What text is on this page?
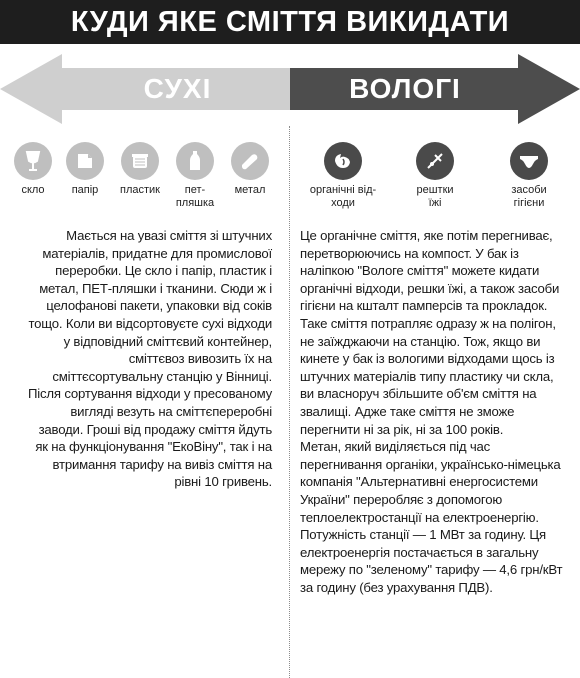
КУДИ ЯКЕ СМІТТЯ ВИКИДАТИ
СУХІ	ВОЛОГІ
скло	папір	пластик	пет-
пляшка
метал	органічні від-
ходи
рештки
їжі
засоби
гігієни

Мається на увазі сміття зі штучних матеріалів, придатне для промислової переробки. Це скло і папір, пластик і метал, ПЕТ-пляшки і тканини. Сюди ж і целофанові пакети, упаковки від соків тощо. Коли ви відсортовуєте сухі відходи у відповідний сміттєвий контейнер, сміттєвоз вивозить їх на сміттєсортувальну станцію у Вінниці.

Після сортування відходи у пресованому вигляді везуть на сміттєпереробні заводи. Гроші від продажу сміття йдуть як на функціонування "ЕкоВіну", так і на втримання тарифу на вивіз сміття на рівні 10 гривень.

Це органічне сміття, яке потім перегниває, перетворюючись на компост. У бак із наліпкою "Вологе сміття" можете кидати органічні відходи, решки їжі, а також засоби гігієни на кшталт памперсів та прокладок. Таке сміття потрапляє одразу ж на полігон, не заїжджаючи на станцію. Тож, якщо ви кинете у бак із вологими відходами щось із штучних матеріалів типу пластику чи скла, ви власноруч збільшите об'єм сміття на звалищі. Адже таке сміття не зможе перегнити ні за рік, ні за 100 років.

Метан, який виділяється під час перегнивання органіки, українсько-німецька компанія "Альтернативні енергосистеми України" переробляє з допомогою теплоелектростанції на електроенергію. Потужність станції — 1 МВт за годину. Ця електроенергія постачається в загальну мережу по "зеленому" тарифу — 4,6 грн/кВт за годину (без урахування ПДВ).
